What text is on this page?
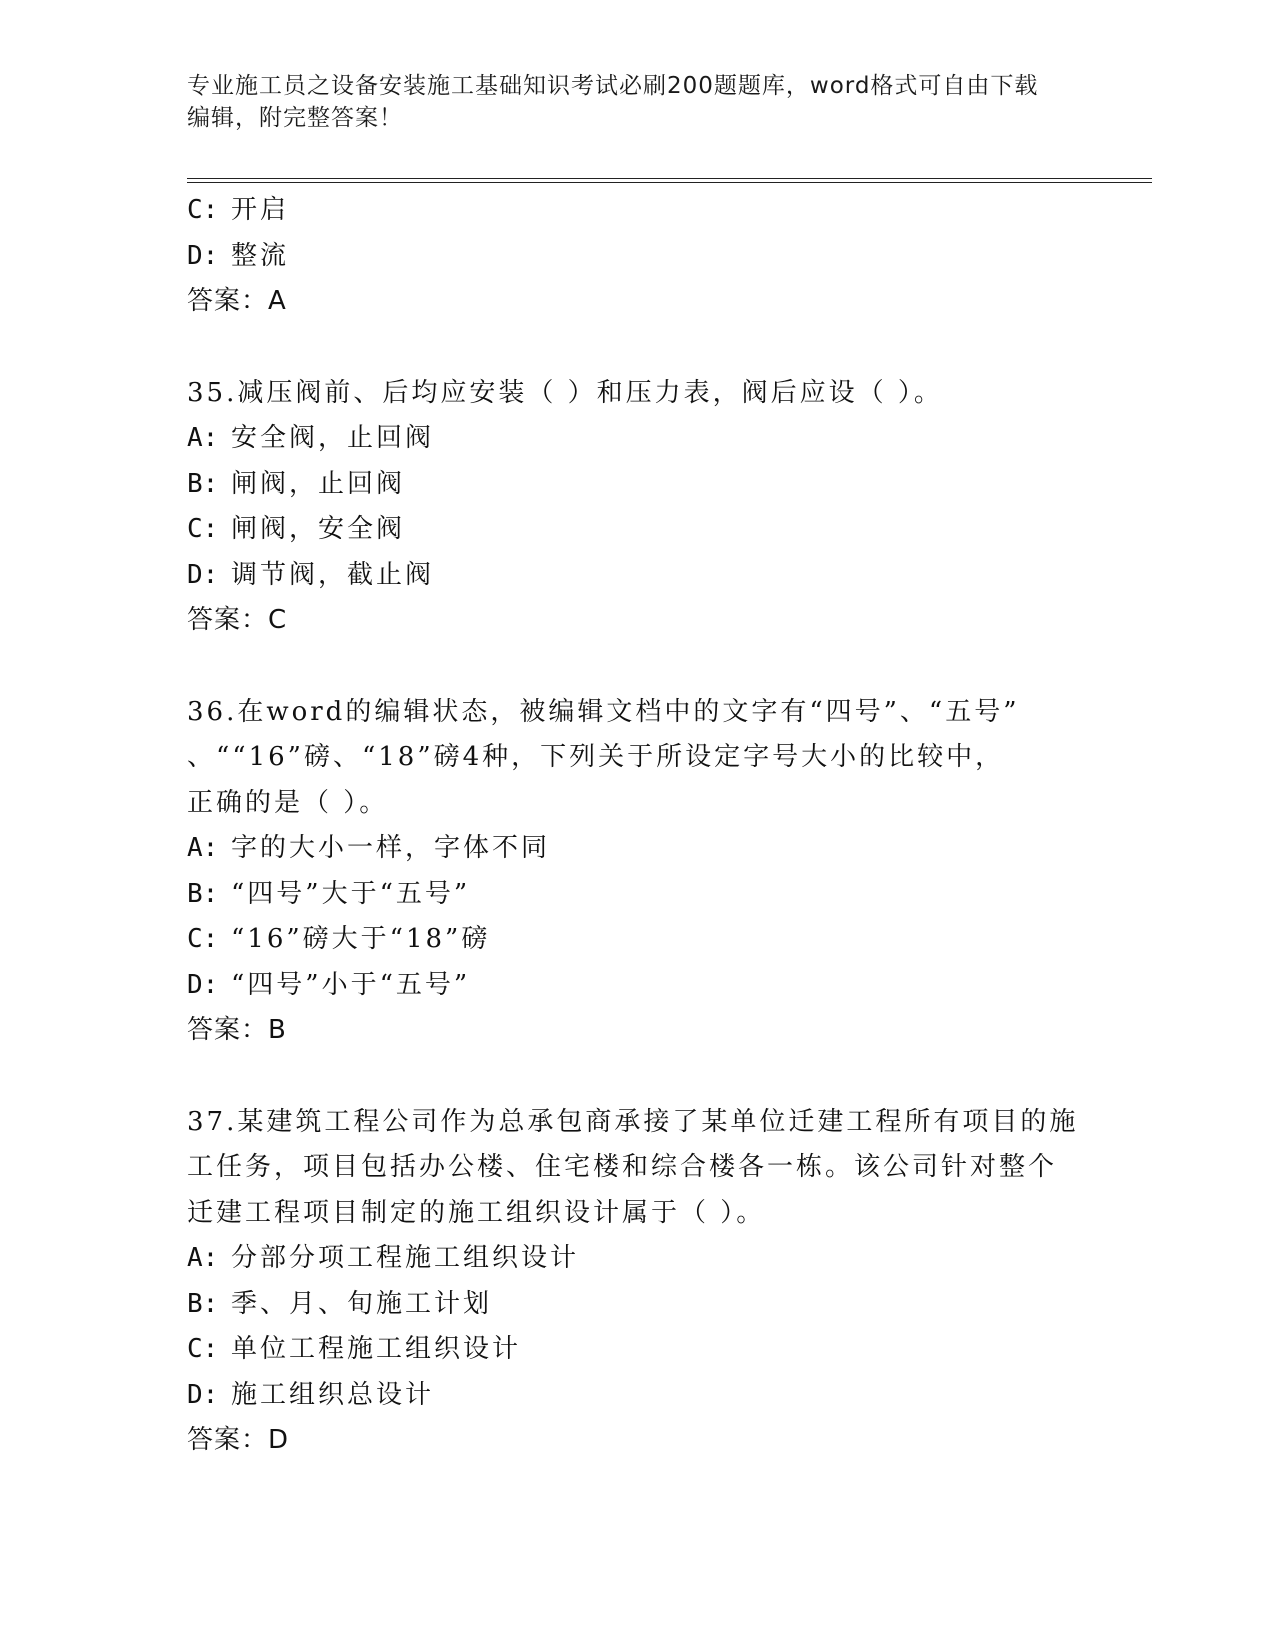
专业施工员之设备安装施工基础知识考试必刷200题题库，word格式可自由下载
编辑，附完整答案！
C: 开启
D: 整流
答案：A
35.减压阀前、后均应安装（ ）和压力表，阀后应设（ ）。
A: 安全阀，止回阀
B: 闸阀，止回阀
C: 闸阀，安全阀
D: 调节阀，截止阀
答案：C
36.在word的编辑状态，被编辑文档中的文字有“四号”、“五号”
、““16”磅、“18”磅4种，下列关于所设定字号大小的比较中，
正确的是（ ）。
A: 字的大小一样，字体不同
B: “四号”大于“五号”
C: “16”磅大于“18”磅
D: “四号”小于“五号”
答案：B
37.某建筑工程公司作为总承包商承接了某单位迁建工程所有项目的施
工任务，项目包括办公楼、住宅楼和综合楼各一栋。该公司针对整个
迁建工程项目制定的施工组织设计属于（ ）。
A: 分部分项工程施工组织设计
B: 季、月、旬施工计划
C: 单位工程施工组织设计
D: 施工组织总设计
答案：D
